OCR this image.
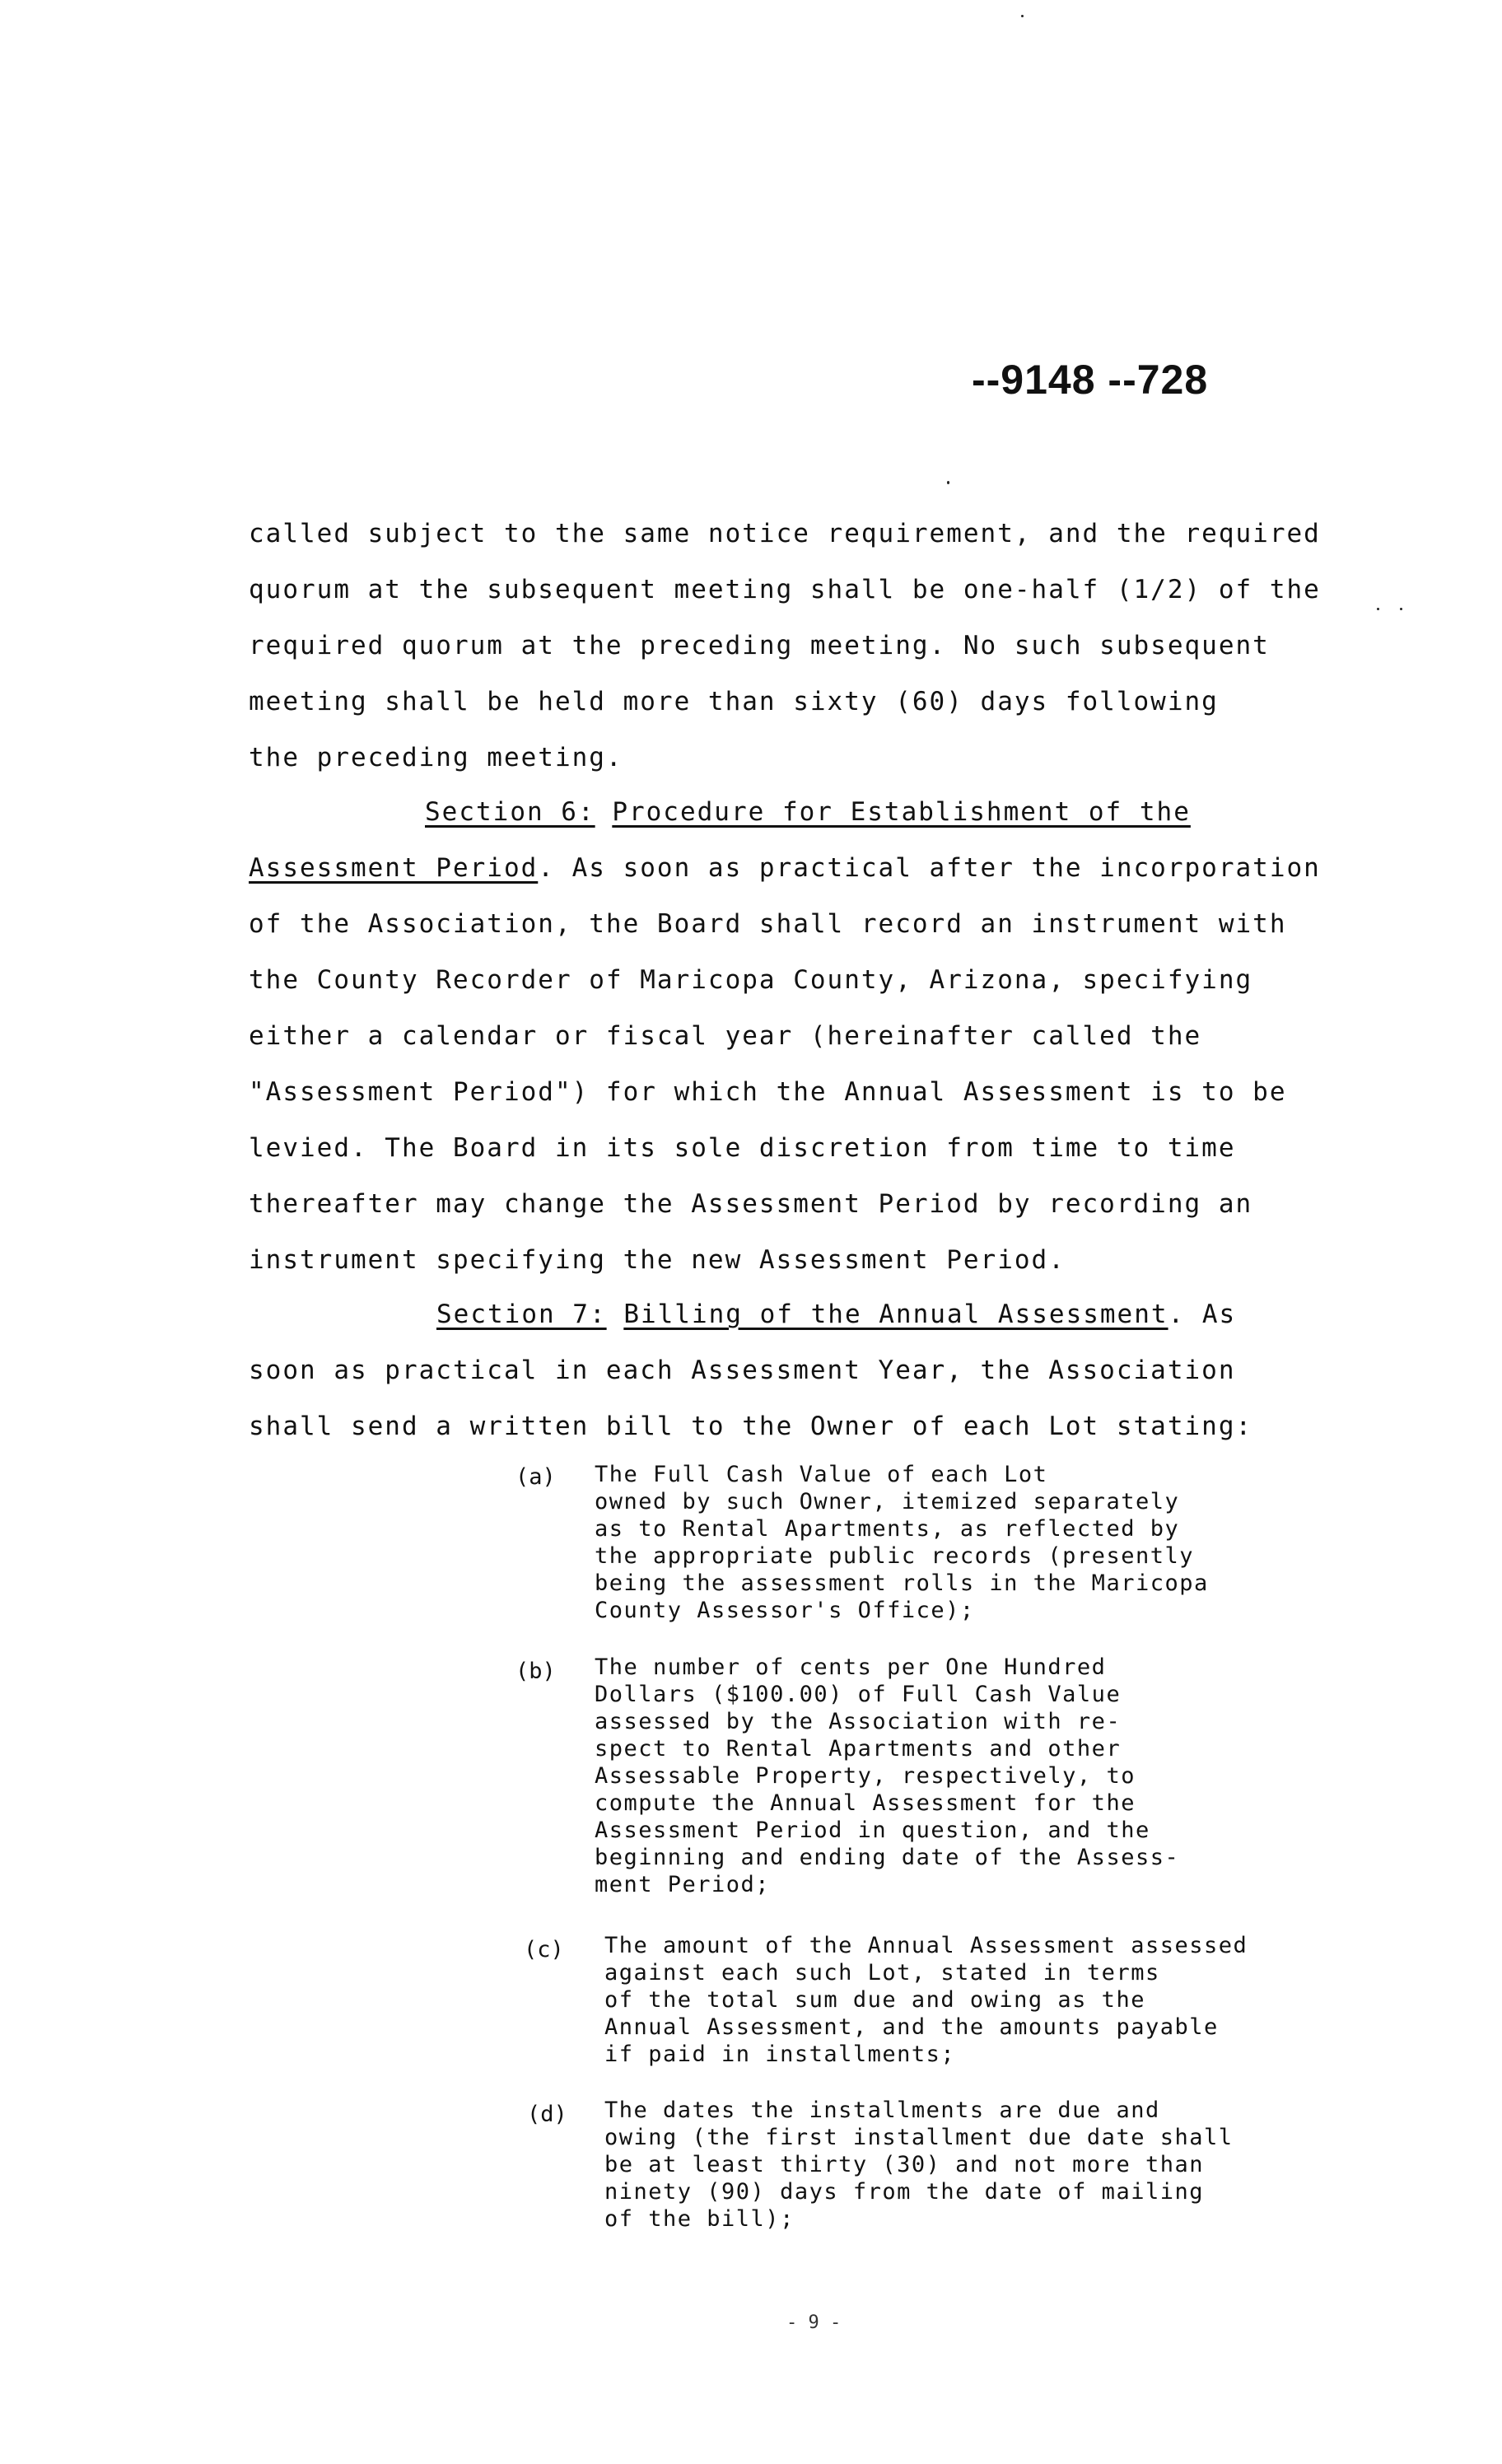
--9148 --728
called subject to the same notice requirement, and the required
quorum at the subsequent meeting shall be one-half (1/2) of the
required quorum at the preceding meeting. No such subsequent
meeting shall be held more than sixty (60) days following
the preceding meeting.
Section 6: Procedure for Establishment of the
Assessment Period. As soon as practical after the incorporation
of the Association, the Board shall record an instrument with
the County Recorder of Maricopa County, Arizona, specifying
either a calendar or fiscal year (hereinafter called the
"Assessment Period") for which the Annual Assessment is to be
levied. The Board in its sole discretion from time to time
thereafter may change the Assessment Period by recording an
instrument specifying the new Assessment Period.
Section 7: Billing of the Annual Assessment. As
soon as practical in each Assessment Year, the Association
shall send a written bill to the Owner of each Lot stating:
(a) The Full Cash Value of each Lot
owned by such Owner, itemized separately
as to Rental Apartments, as reflected by
the appropriate public records (presently
being the assessment rolls in the Maricopa
County Assessor's Office);
(b) The number of cents per One Hundred
Dollars ($100.00) of Full Cash Value
assessed by the Association with re-
spect to Rental Apartments and other
Assessable Property, respectively, to
compute the Annual Assessment for the
Assessment Period in question, and the
beginning and ending date of the Assess-
ment Period;
(c) The amount of the Annual Assessment assessed
against each such Lot, stated in terms
of the total sum due and owing as the
Annual Assessment, and the amounts payable
if paid in installments;
(d) The dates the installments are due and
owing (the first installment due date shall
be at least thirty (30) and not more than
ninety (90) days from the date of mailing
of the bill);
- 9 -
